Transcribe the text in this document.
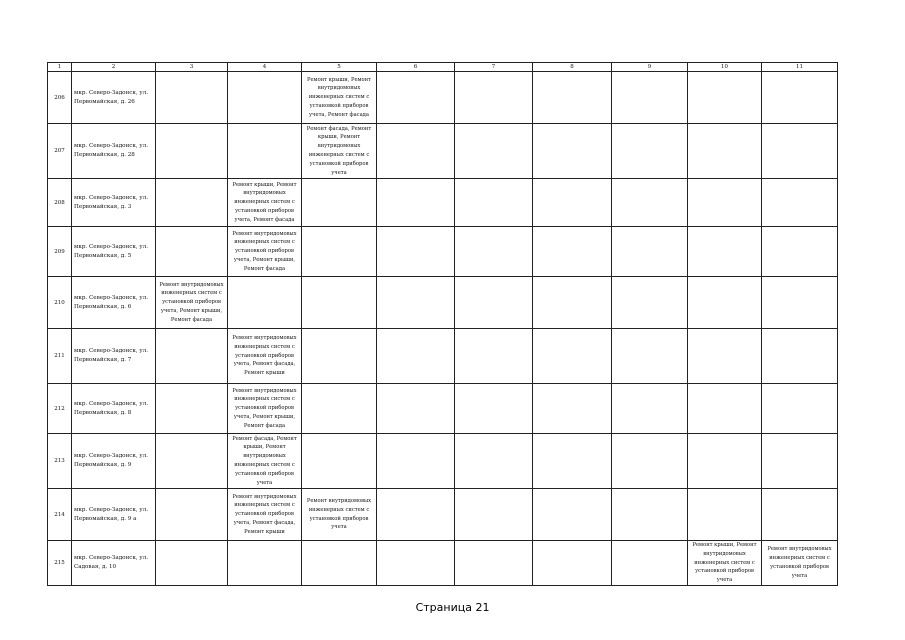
1	2	3	4	5	6	7	8	9	10	11
206	мкр. Северо-Задонск, ул. Первомайская, д. 26			Ремонт крыши, Ремонт внутридомовых инженерных систем с установкой приборов учета, Ремонт фасада						
207	мкр. Северо-Задонск, ул. Первомайская, д. 28			Ремонт фасада, Ремонт крыши, Ремонт внутридомовых инженерных систем с установкой приборов учета						
208	мкр. Северо-Задонск, ул. Первомайская, д. 3		Ремонт крыши, Ремонт внутридомовых инженерных систем с установкой приборов учета, Ремонт фасада							
209	мкр. Северо-Задонск, ул. Первомайская, д. 5		Ремонт внутридомовых инженерных систем с установкой приборов учета, Ремонт крыши, Ремонт фасада							
210	мкр. Северо-Задонск, ул. Первомайская, д. 6	Ремонт внутридомовых инженерных систем с установкой приборов учета, Ремонт крыши, Ремонт фасада								
211	мкр. Северо-Задонск, ул. Первомайская, д. 7		Ремонт внутридомовых инженерных систем с установкой приборов учета, Ремонт фасада, Ремонт крыши							
212	мкр. Северо-Задонск, ул. Первомайская, д. 8		Ремонт внутридомовых инженерных систем с установкой приборов учета, Ремонт крыши, Ремонт фасада							
213	мкр. Северо-Задонск, ул. Первомайская, д. 9		Ремонт фасада, Ремонт крыши, Ремонт внутридомовых инженерных систем с установкой приборов учета							
214	мкр. Северо-Задонск, ул. Первомайская, д. 9 а		Ремонт внутридомовых инженерных систем с установкой приборов учета, Ремонт фасада, Ремонт крыши	Ремонт внутридомовых инженерных систем с установкой приборов учета						
215	мкр. Северо-Задонск, ул. Садовая, д. 10								Ремонт крыши, Ремонт внутридомовых инженерных систем с установкой приборов учета	Ремонт внутридомовых инженерных систем с установкой приборов учета
Страница 21
